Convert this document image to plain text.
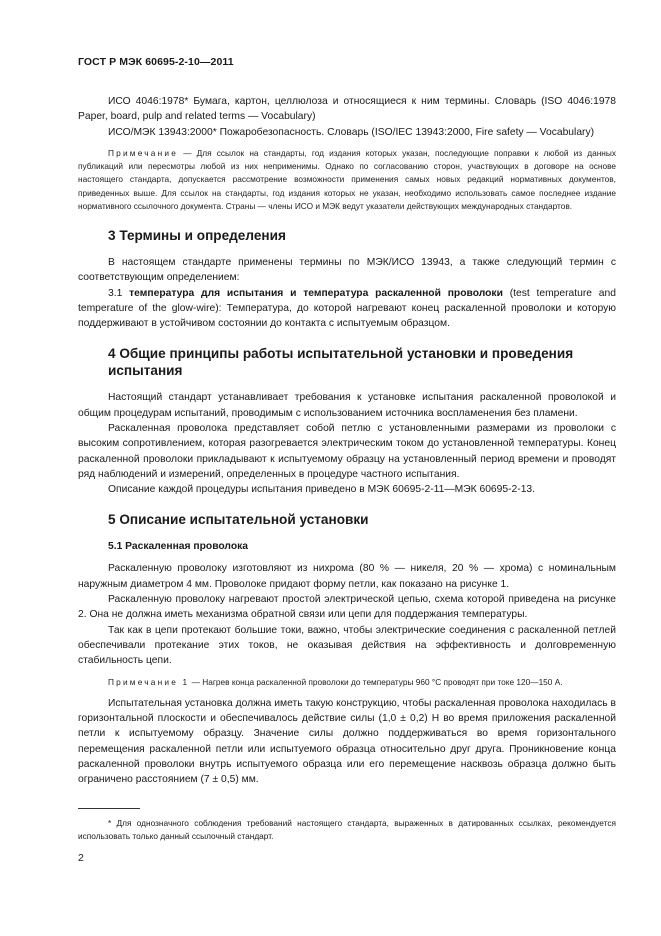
ГОСТ Р МЭК 60695-2-10—2011

ИСО 4046:1978* Бумага, картон, целлюлоза и относящиеся к ним термины. Словарь (ISO 4046:1978 Paper, board, pulp and related terms — Vocabulary)

ИСО/МЭК 13943:2000* Пожаробезопасность. Словарь (ISO/IEC 13943:2000, Fire safety — Vocabulary)

Примечание — Для ссылок на стандарты, год издания которых указан, последующие поправки к любой из данных публикаций или пересмотры любой из них неприменимы. Однако по согласованию сторон, участвующих в договоре на основе настоящего стандарта, допускается рассмотрение возможности применения самых новых редакций нормативных документов, приведенных выше. Для ссылок на стандарты, год издания которых не указан, необходимо использовать самое последнее издание нормативного ссылочного документа. Страны — члены ИСО и МЭК ведут указатели действующих международных стандартов.

3 Термины и определения

В настоящем стандарте применены термины по МЭК/ИСО 13943, а также следующий термин с соответствующим определением:

3.1 температура для испытания и температура раскаленной проволоки (test temperature and temperature of the glow-wire): Температура, до которой нагревают конец раскаленной проволоки и которую поддерживают в устойчивом состоянии до контакта с испытуемым образцом.

4 Общие принципы работы испытательной установки и проведения испытания

Настоящий стандарт устанавливает требования к установке испытания раскаленной проволокой и общим процедурам испытаний, проводимым с использованием источника воспламенения без пламени.

Раскаленная проволока представляет собой петлю с установленными размерами из проволоки с высоким сопротивлением, которая разогревается электрическим током до установленной температуры. Конец раскаленной проволоки прикладывают к испытуемому образцу на установленный период времени и проводят ряд наблюдений и измерений, определенных в процедуре частного испытания.

Описание каждой процедуры испытания приведено в МЭК 60695-2-11—МЭК 60695-2-13.

5 Описание испытательной установки
5.1 Раскаленная проволока

Раскаленную проволоку изготовляют из нихрома (80 % — никеля, 20 % — хрома) с номинальным наружным диаметром 4 мм. Проволоке придают форму петли, как показано на рисунке 1.

Раскаленную проволоку нагревают простой электрической цепью, схема которой приведена на рисунке 2. Она не должна иметь механизма обратной связи или цепи для поддержания температуры.

Так как в цепи протекают большие токи, важно, чтобы электрические соединения с раскаленной петлей обеспечивали протекание этих токов, не оказывая действия на эффективность и долговременную стабильность цепи.

Примечание 1 — Нагрев конца раскаленной проволоки до температуры 960 °С проводят при токе 120—150 А.

Испытательная установка должна иметь такую конструкцию, чтобы раскаленная проволока находилась в горизонтальной плоскости и обеспечивалось действие силы (1,0 ± 0,2) Н во время приложения раскаленной петли к испытуемому образцу. Значение силы должно поддерживаться во время горизонтального перемещения раскаленной петли или испытуемого образца относительно друг друга. Проникновение конца раскаленной проволоки внутрь испытуемого образца или его перемещение насквозь образца должно быть ограничено расстоянием (7 ± 0,5) мм.

* Для однозначного соблюдения требований настоящего стандарта, выраженных в датированных ссылках, рекомендуется использовать только данный ссылочный стандарт.

2
